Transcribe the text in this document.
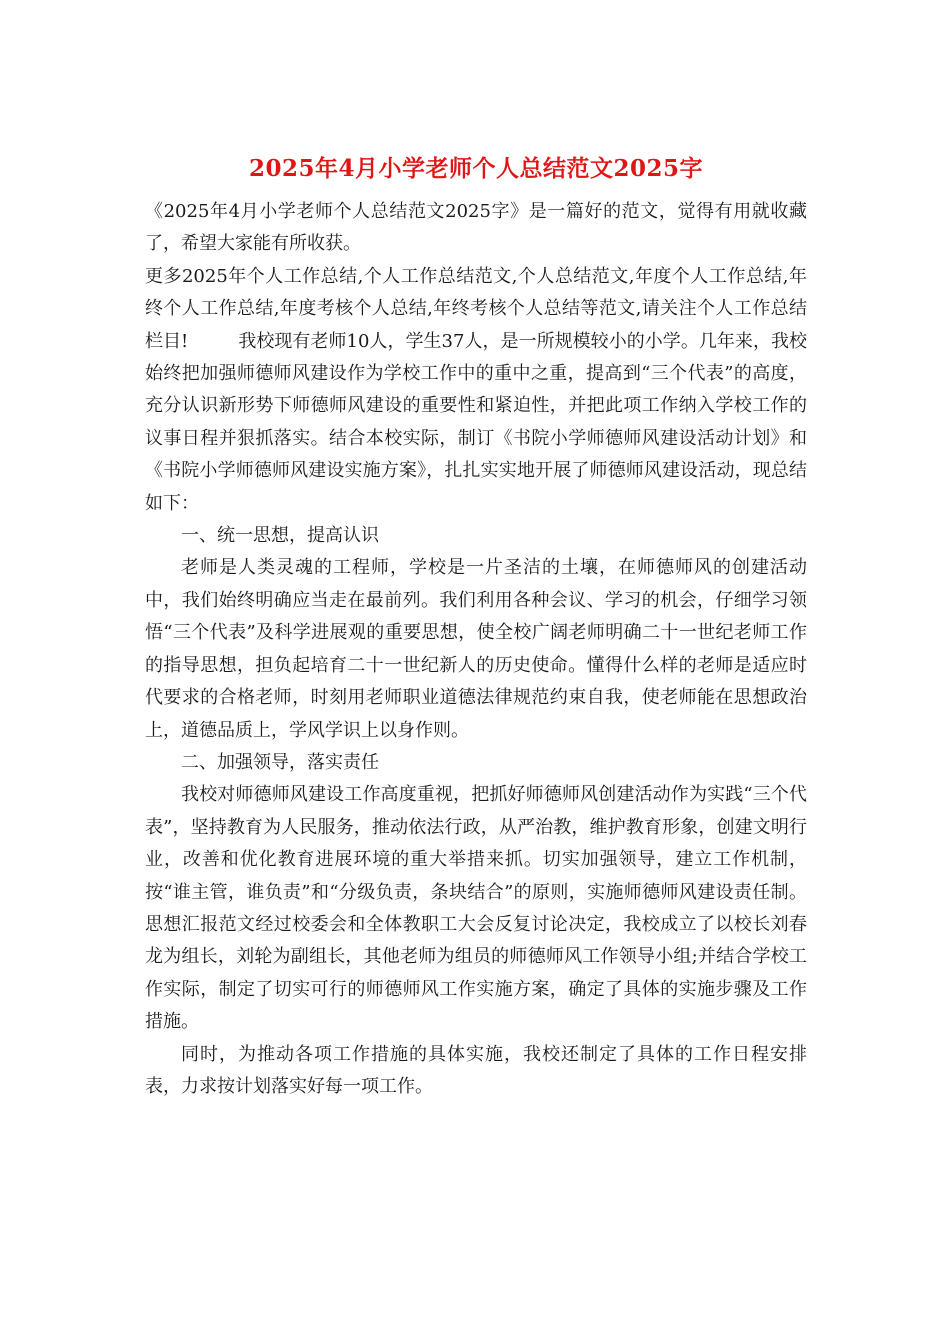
2025年4月小学老师个人总结范文2025字

《2025年4月小学老师个人总结范文2025字》是一篇好的范文，觉得有用就收藏了，希望大家能有所收获。

更多2025年个人工作总结,个人工作总结范文,个人总结范文,年度个人工作总结,年终个人工作总结,年度考核个人总结,年终考核个人总结等范文,请关注个人工作总结栏目!	我校现有老师10人，学生37人，是一所规模较小的小学。几年来，我校始终把加强师德师风建设作为学校工作中的重中之重，提高到“三个代表”的高度，充分认识新形势下师德师风建设的重要性和紧迫性，并把此项工作纳入学校工作的议事日程并狠抓落实。结合本校实际，制订《书院小学师德师风建设活动计划》和《书院小学师德师风建设实施方案》，扎扎实实地开展了师德师风建设活动，现总结如下：

一、统一思想，提高认识

老师是人类灵魂的工程师，学校是一片圣洁的土壤，在师德师风的创建活动中，我们始终明确应当走在最前列。我们利用各种会议、学习的机会，仔细学习领悟“三个代表”及科学进展观的重要思想，使全校广阔老师明确二十一世纪老师工作的指导思想，担负起培育二十一世纪新人的历史使命。懂得什么样的老师是适应时代要求的合格老师，时刻用老师职业道德法律规范约束自我，使老师能在思想政治上，道德品质上，学风学识上以身作则。

二、加强领导，落实责任

我校对师德师风建设工作高度重视，把抓好师德师风创建活动作为实践“三个代表”，坚持教育为人民服务，推动依法行政，从严治教，维护教育形象，创建文明行业，改善和优化教育进展环境的重大举措来抓。切实加强领导，建立工作机制，按“谁主管，谁负责”和“分级负责，条块结合”的原则，实施师德师风建设责任制。思想汇报范文经过校委会和全体教职工大会反复讨论决定，我校成立了以校长刘春龙为组长，刘轮为副组长，其他老师为组员的师德师风工作领导小组;并结合学校工作实际，制定了切实可行的师德师风工作实施方案，确定了具体的实施步骤及工作措施。

同时，为推动各项工作措施的具体实施，我校还制定了具体的工作日程安排表，力求按计划落实好每一项工作。
